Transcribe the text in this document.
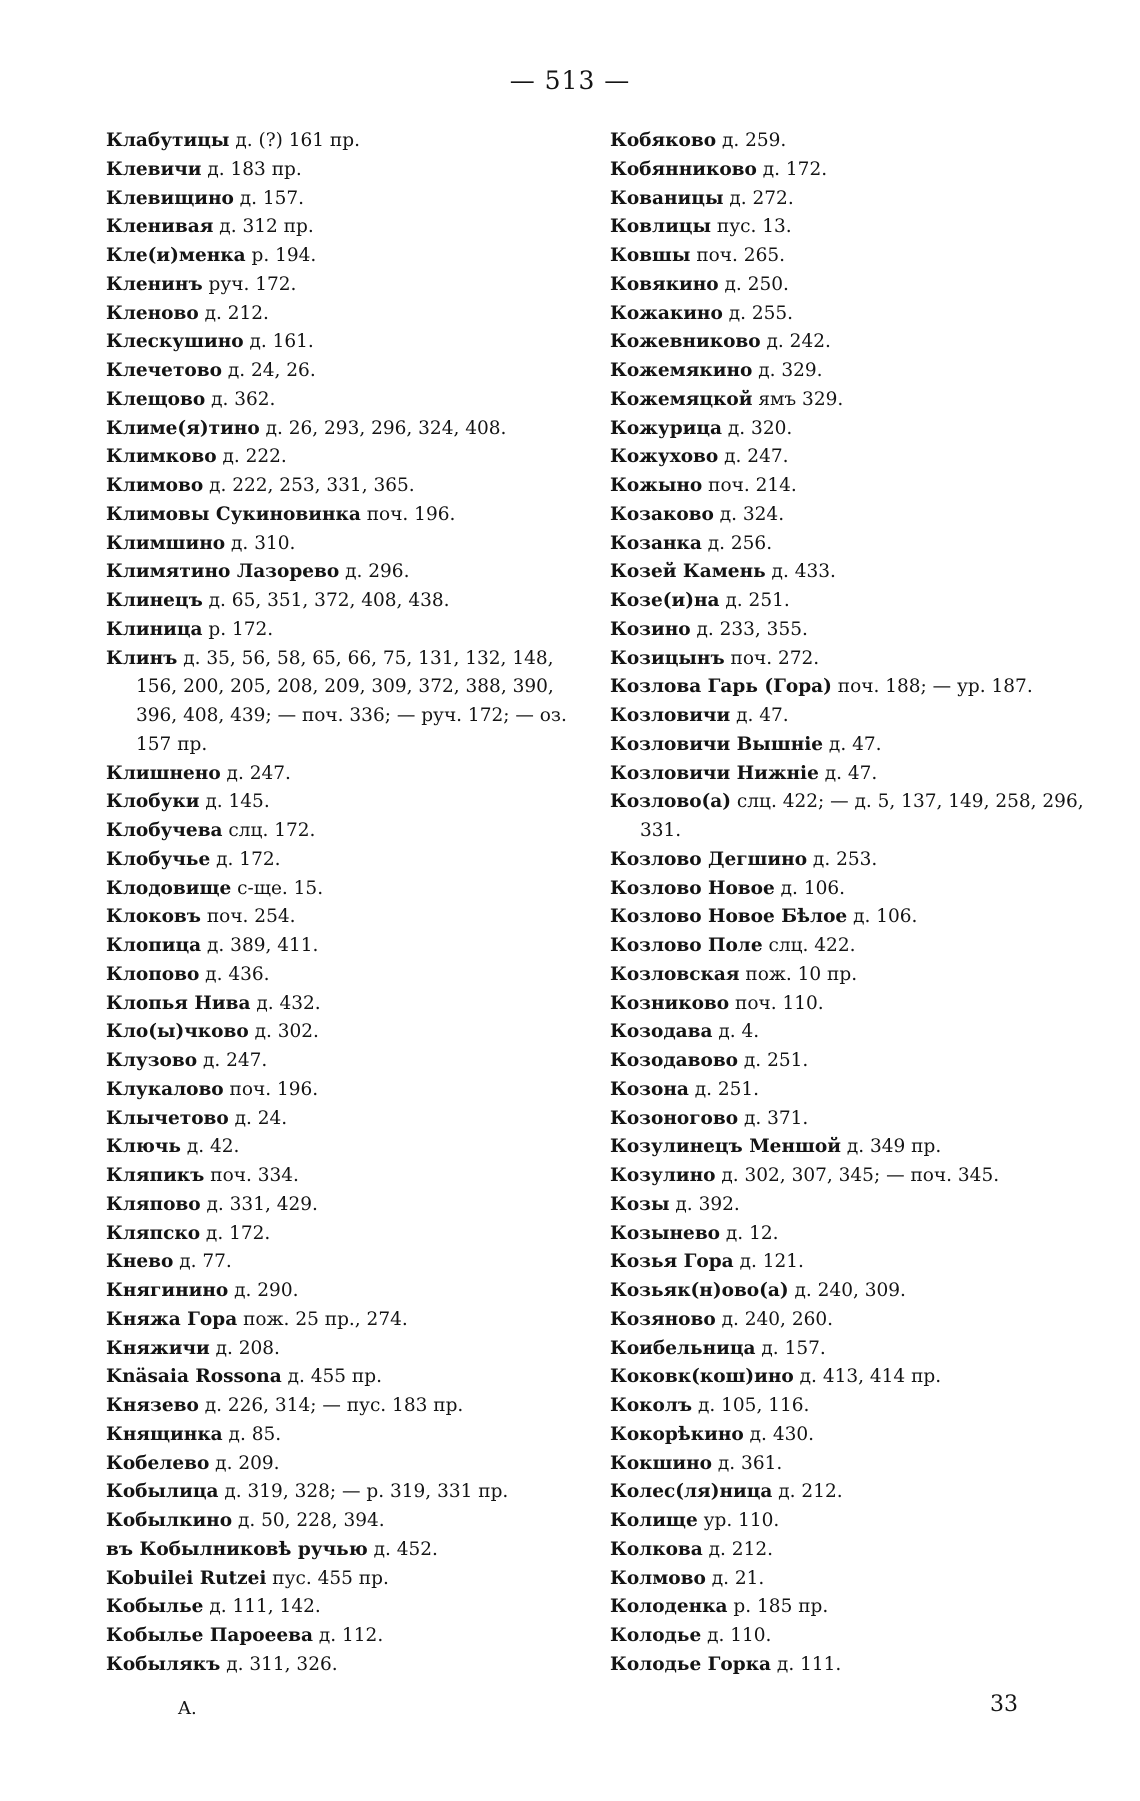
— 513 —
Клабутицы д. (?) 161 пр.
Клевичи д. 183 пр.
Клевищино д. 157.
Кленивая д. 312 пр.
Кле(и)менка р. 194.
Кленинъ руч. 172.
Кленово д. 212.
Клескушино д. 161.
Клечетово д. 24, 26.
Клещово д. 362.
Климе(я)тино д. 26, 293, 296, 324, 408.
Климково д. 222.
Климово д. 222, 253, 331, 365.
Климовы Сукиновинка поч. 196.
Климшино д. 310.
Климятино Лазорево д. 296.
Клинецъ д. 65, 351, 372, 408, 438.
Клиница р. 172.
Клинъ д. 35, 56, 58, 65, 66, 75, 131, 132, 148, 156, 200, 205, 208, 209, 309, 372, 388, 390, 396, 408, 439; — поч. 336; — руч. 172; — оз. 157 пр.
Клишнено д. 247.
Клобуки д. 145.
Клобучева слц. 172.
Клобучье д. 172.
Клодовище с-ще. 15.
Клоковъ поч. 254.
Клопица д. 389, 411.
Клопово д. 436.
Клопья Нива д. 432.
Кло(ы)чково д. 302.
Клузово д. 247.
Клукалово поч. 196.
Клычетово д. 24.
Ключь д. 42.
Кляпикъ поч. 334.
Кляпово д. 331, 429.
Кляпско д. 172.
Кнево д. 77.
Княгинино д. 290.
Княжа Гора пож. 25 пр., 274.
Княжичи д. 208.
Knäsaia Rossona д. 455 пр.
Князево д. 226, 314; — пус. 183 пр.
Княщинка д. 85.
Кобелево д. 209.
Кобылица д. 319, 328; — р. 319, 331 пр.
Кобылкино д. 50, 228, 394.
въ Кобылниковѣ ручью д. 452.
Kobuilei Rutzei пус. 455 пр.
Кобылье д. 111, 142.
Кобылье Пароеева д. 112.
Кобылякъ д. 311, 326.
Кобяково д. 259.
Кобянниково д. 172.
Кованицы д. 272.
Ковлицы пус. 13.
Ковшы поч. 265.
Ковякино д. 250.
Кожакино д. 255.
Кожевниково д. 242.
Кожемякино д. 329.
Кожемяцкой ямъ 329.
Кожурица д. 320.
Кожухово д. 247.
Кожыно поч. 214.
Козаково д. 324.
Козанка д. 256.
Козей Камень д. 433.
Козе(и)на д. 251.
Козино д. 233, 355.
Козицынъ поч. 272.
Козлова Гарь (Гора) поч. 188; — ур. 187.
Козловичи д. 47.
Козловичи Вышніе д. 47.
Козловичи Нижніе д. 47.
Козлово(а) слц. 422; — д. 5, 137, 149, 258, 296, 331.
Козлово Дегшино д. 253.
Козлово Новое д. 106.
Козлово Новое Бѣлое д. 106.
Козлово Поле слц. 422.
Козловская пож. 10 пр.
Козниково поч. 110.
Козодава д. 4.
Козодавово д. 251.
Козона д. 251.
Козоногово д. 371.
Козулинецъ Меншой д. 349 пр.
Козулино д. 302, 307, 345; — поч. 345.
Козы д. 392.
Козынево д. 12.
Козья Гора д. 121.
Козьяк(н)ово(а) д. 240, 309.
Козяново д. 240, 260.
Коибельница д. 157.
Коковк(кош)ино д. 413, 414 пр.
Коколъ д. 105, 116.
Кокорѣкино д. 430.
Кокшино д. 361.
Колес(ля)ница д. 212.
Колище ур. 110.
Колкова д. 212.
Колмово д. 21.
Колоденка р. 185 пр.
Колодье д. 110.
Колодье Горка д. 111.
A.	33
